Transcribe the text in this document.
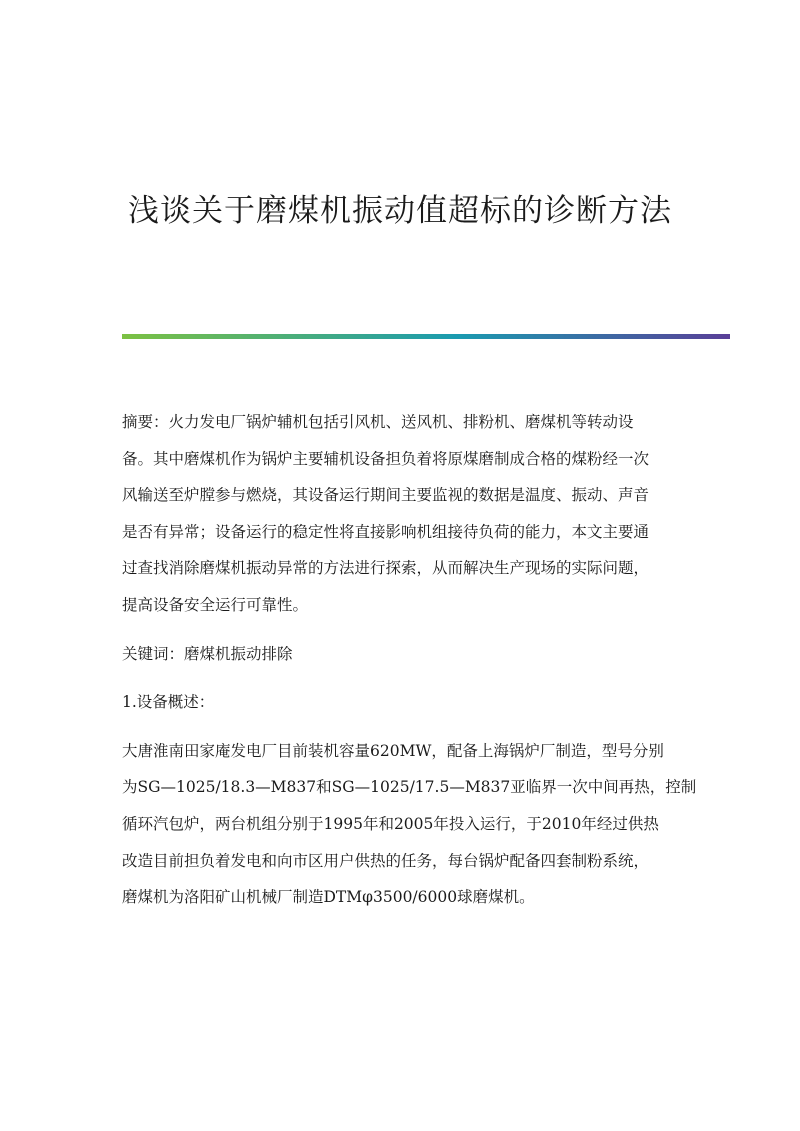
浅谈关于磨煤机振动值超标的诊断方法
摘要：火力发电厂锅炉辅机包括引风机、送风机、排粉机、磨煤机等转动设
备。其中磨煤机作为锅炉主要辅机设备担负着将原煤磨制成合格的煤粉经一次
风输送至炉膛参与燃烧，其设备运行期间主要监视的数据是温度、振动、声音
是否有异常；设备运行的稳定性将直接影响机组接待负荷的能力，本文主要通
过查找消除磨煤机振动异常的方法进行探索，从而解决生产现场的实际问题，
提高设备安全运行可靠性。
关键词：磨煤机振动排除
1.设备概述：
大唐淮南田家庵发电厂目前装机容量620MW，配备上海锅炉厂制造，型号分别
为SG—1025/18.3—M837和SG—1025/17.5—M837亚临界一次中间再热，控制
循环汽包炉，两台机组分别于1995年和2005年投入运行，于2010年经过供热
改造目前担负着发电和向市区用户供热的任务，每台锅炉配备四套制粉系统，
磨煤机为洛阳矿山机械厂制造DTMφ3500/6000球磨煤机。
